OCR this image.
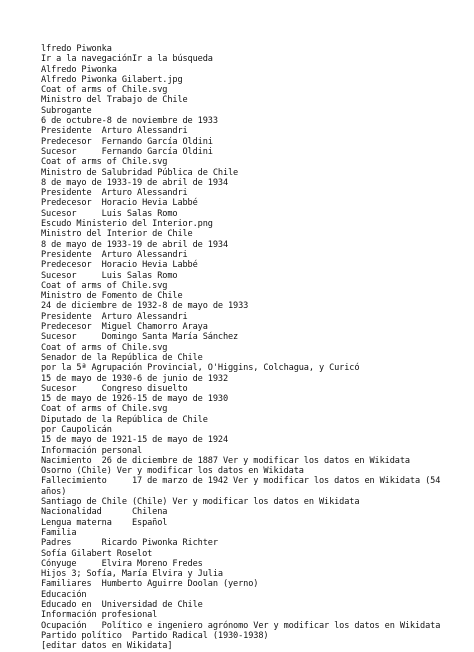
lfredo Piwonka
Ir a la navegaciónIr a la búsqueda
Alfredo Piwonka
Alfredo Piwonka Gilabert.jpg
Coat of arms of Chile.svg
Ministro del Trabajo de Chile
Subrogante
6 de octubre-8 de noviembre de 1933
Presidente  Arturo Alessandri
Predecesor  Fernando García Oldini
Sucesor     Fernando García Oldini
Coat of arms of Chile.svg
Ministro de Salubridad Pública de Chile
8 de mayo de 1933-19 de abril de 1934
Presidente  Arturo Alessandri
Predecesor  Horacio Hevia Labbé
Sucesor     Luis Salas Romo
Escudo Ministerio del Interior.png
Ministro del Interior de Chile
8 de mayo de 1933-19 de abril de 1934
Presidente  Arturo Alessandri
Predecesor  Horacio Hevia Labbé
Sucesor     Luis Salas Romo
Coat of arms of Chile.svg
Ministro de Fomento de Chile
24 de diciembre de 1932-8 de mayo de 1933
Presidente  Arturo Alessandri
Predecesor  Miguel Chamorro Araya
Sucesor     Domingo Santa María Sánchez
Coat of arms of Chile.svg
Senador de la República de Chile
por la 5ª Agrupación Provincial, O'Higgins, Colchagua, y Curicó
15 de mayo de 1930-6 de junio de 1932
Sucesor     Congreso disuelto
15 de mayo de 1926-15 de mayo de 1930
Coat of arms of Chile.svg
Diputado de la República de Chile
por Caupolicán
15 de mayo de 1921-15 de mayo de 1924
Información personal
Nacimiento  26 de diciembre de 1887 Ver y modificar los datos en Wikidata
Osorno (Chile) Ver y modificar los datos en Wikidata
Fallecimiento     17 de marzo de 1942 Ver y modificar los datos en Wikidata (54 años)
Santiago de Chile (Chile) Ver y modificar los datos en Wikidata
Nacionalidad      Chilena
Lengua materna    Español
Familia
Padres      Ricardo Piwonka Richter
Sofía Gilabert Roselot
Cónyuge     Elvira Moreno Fredes
Hijos 3; Sofía, María Elvira y Julia
Familiares  Humberto Aguirre Doolan (yerno)
Educación
Educado en  Universidad de Chile
Información profesional
Ocupación   Político e ingeniero agrónomo Ver y modificar los datos en Wikidata
Partido político  Partido Radical (1930-1938)
[editar datos en Wikidata]
